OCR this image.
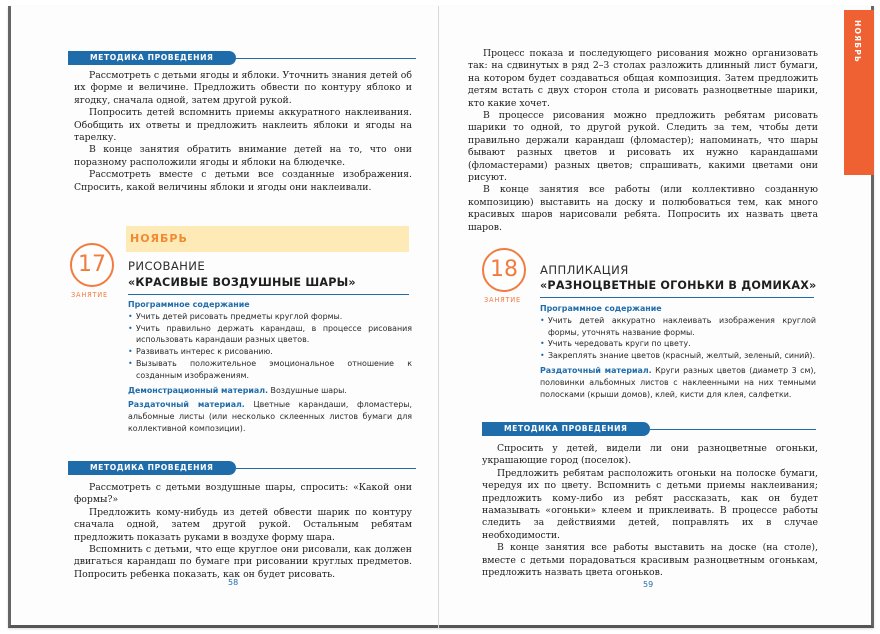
МЕТОДИКА ПРОВЕДЕНИЯ

Рассмотреть с детьми ягоды и яблоки. Уточнить знания детей об их форме и величине. Предложить обвести по контуру яблоко и ягодку, сначала одной, затем другой рукой.

Попросить детей вспомнить приемы аккуратного наклеивания. Обобщить их ответы и предложить наклеить яблоки и ягоды на тарелку.

В конце занятия обратить внимание детей на то, что они поразному расположили ягоды и яблоки на блюдечке.

Рассмотреть вместе с детьми все созданные изображения. Спросить, какой величины яблоки и ягоды они наклеивали.

17
ЗАНЯТИЕ
НОЯБРЬ
РИСОВАНИЕ
«КРАСИВЫЕ ВОЗДУШНЫЕ ШАРЫ»
Программное содержание
• Учить детей рисовать предметы круглой формы.
• Учить правильно держать карандаш, в процессе рисования использовать карандаши разных цветов.
• Развивать интерес к рисованию.
• Вызывать положительное эмоциональное отношение к созданным изображениям.
Демонстрационный материал. Воздушные шары.
Раздаточный материал. Цветные карандаши, фломастеры, альбомные листы (или несколько склеенных листов бумаги для коллективной композиции).
МЕТОДИКА ПРОВЕДЕНИЯ

Рассмотреть с детьми воздушные шары, спросить: «Какой они формы?»

Предложить кому-нибудь из детей обвести шарик по контуру сначала одной, затем другой рукой. Остальным ребятам предложить показать руками в воздухе форму шара.

Вспомнить с детьми, что еще круглое они рисовали, как должен двигаться карандаш по бумаге при рисовании круглых предметов. Попросить ребенка показать, как он будет рисовать.

58

Процесс показа и последующего рисования можно организовать так: на сдвинутых в ряд 2–3 столах разложить длинный лист бумаги, на котором будет создаваться общая композиция. Затем предложить детям встать с двух сторон стола и рисовать разноцветные шарики, кто какие хочет.

В процессе рисования можно предложить ребятам рисовать шарики то одной, то другой рукой. Следить за тем, чтобы дети правильно держали карандаш (фломастер); напоминать, что шары бывают разных цветов и рисовать их нужно карандашами (фломастерами) разных цветов; спрашивать, какими цветами они рисуют.

В конце занятия все работы (или коллективно созданную композицию) выставить на доску и полюбоваться тем, как много красивых шаров нарисовали ребята. Попросить их назвать цвета шаров.

18
ЗАНЯТИЕ
АППЛИКАЦИЯ
«РАЗНОЦВЕТНЫЕ ОГОНЬКИ В ДОМИКАХ»
Программное содержание
• Учить детей аккуратно наклеивать изображения круглой формы, уточнять название формы.
• Учить чередовать круги по цвету.
• Закреплять знание цветов (красный, желтый, зеленый, синий).
Раздаточный материал. Круги разных цветов (диаметр 3 см), половинки альбомных листов с наклеенными на них темными полосками (крыши домов), клей, кисти для клея, салфетки.
МЕТОДИКА ПРОВЕДЕНИЯ

Спросить у детей, видели ли они разноцветные огоньки, украшающие город (поселок).

Предложить ребятам расположить огоньки на полоске бумаги, чередуя их по цвету. Вспомнить с детьми приемы наклеивания; предложить кому-либо из ребят рассказать, как он будет намазывать «огоньки» клеем и приклеивать. В процессе работы следить за действиями детей, поправлять их в случае необходимости.

В конце занятия все работы выставить на доске (на столе), вместе с детьми порадоваться красивым разноцветным огонькам, предложить назвать цвета огоньков.

59
НОЯБРЬ
